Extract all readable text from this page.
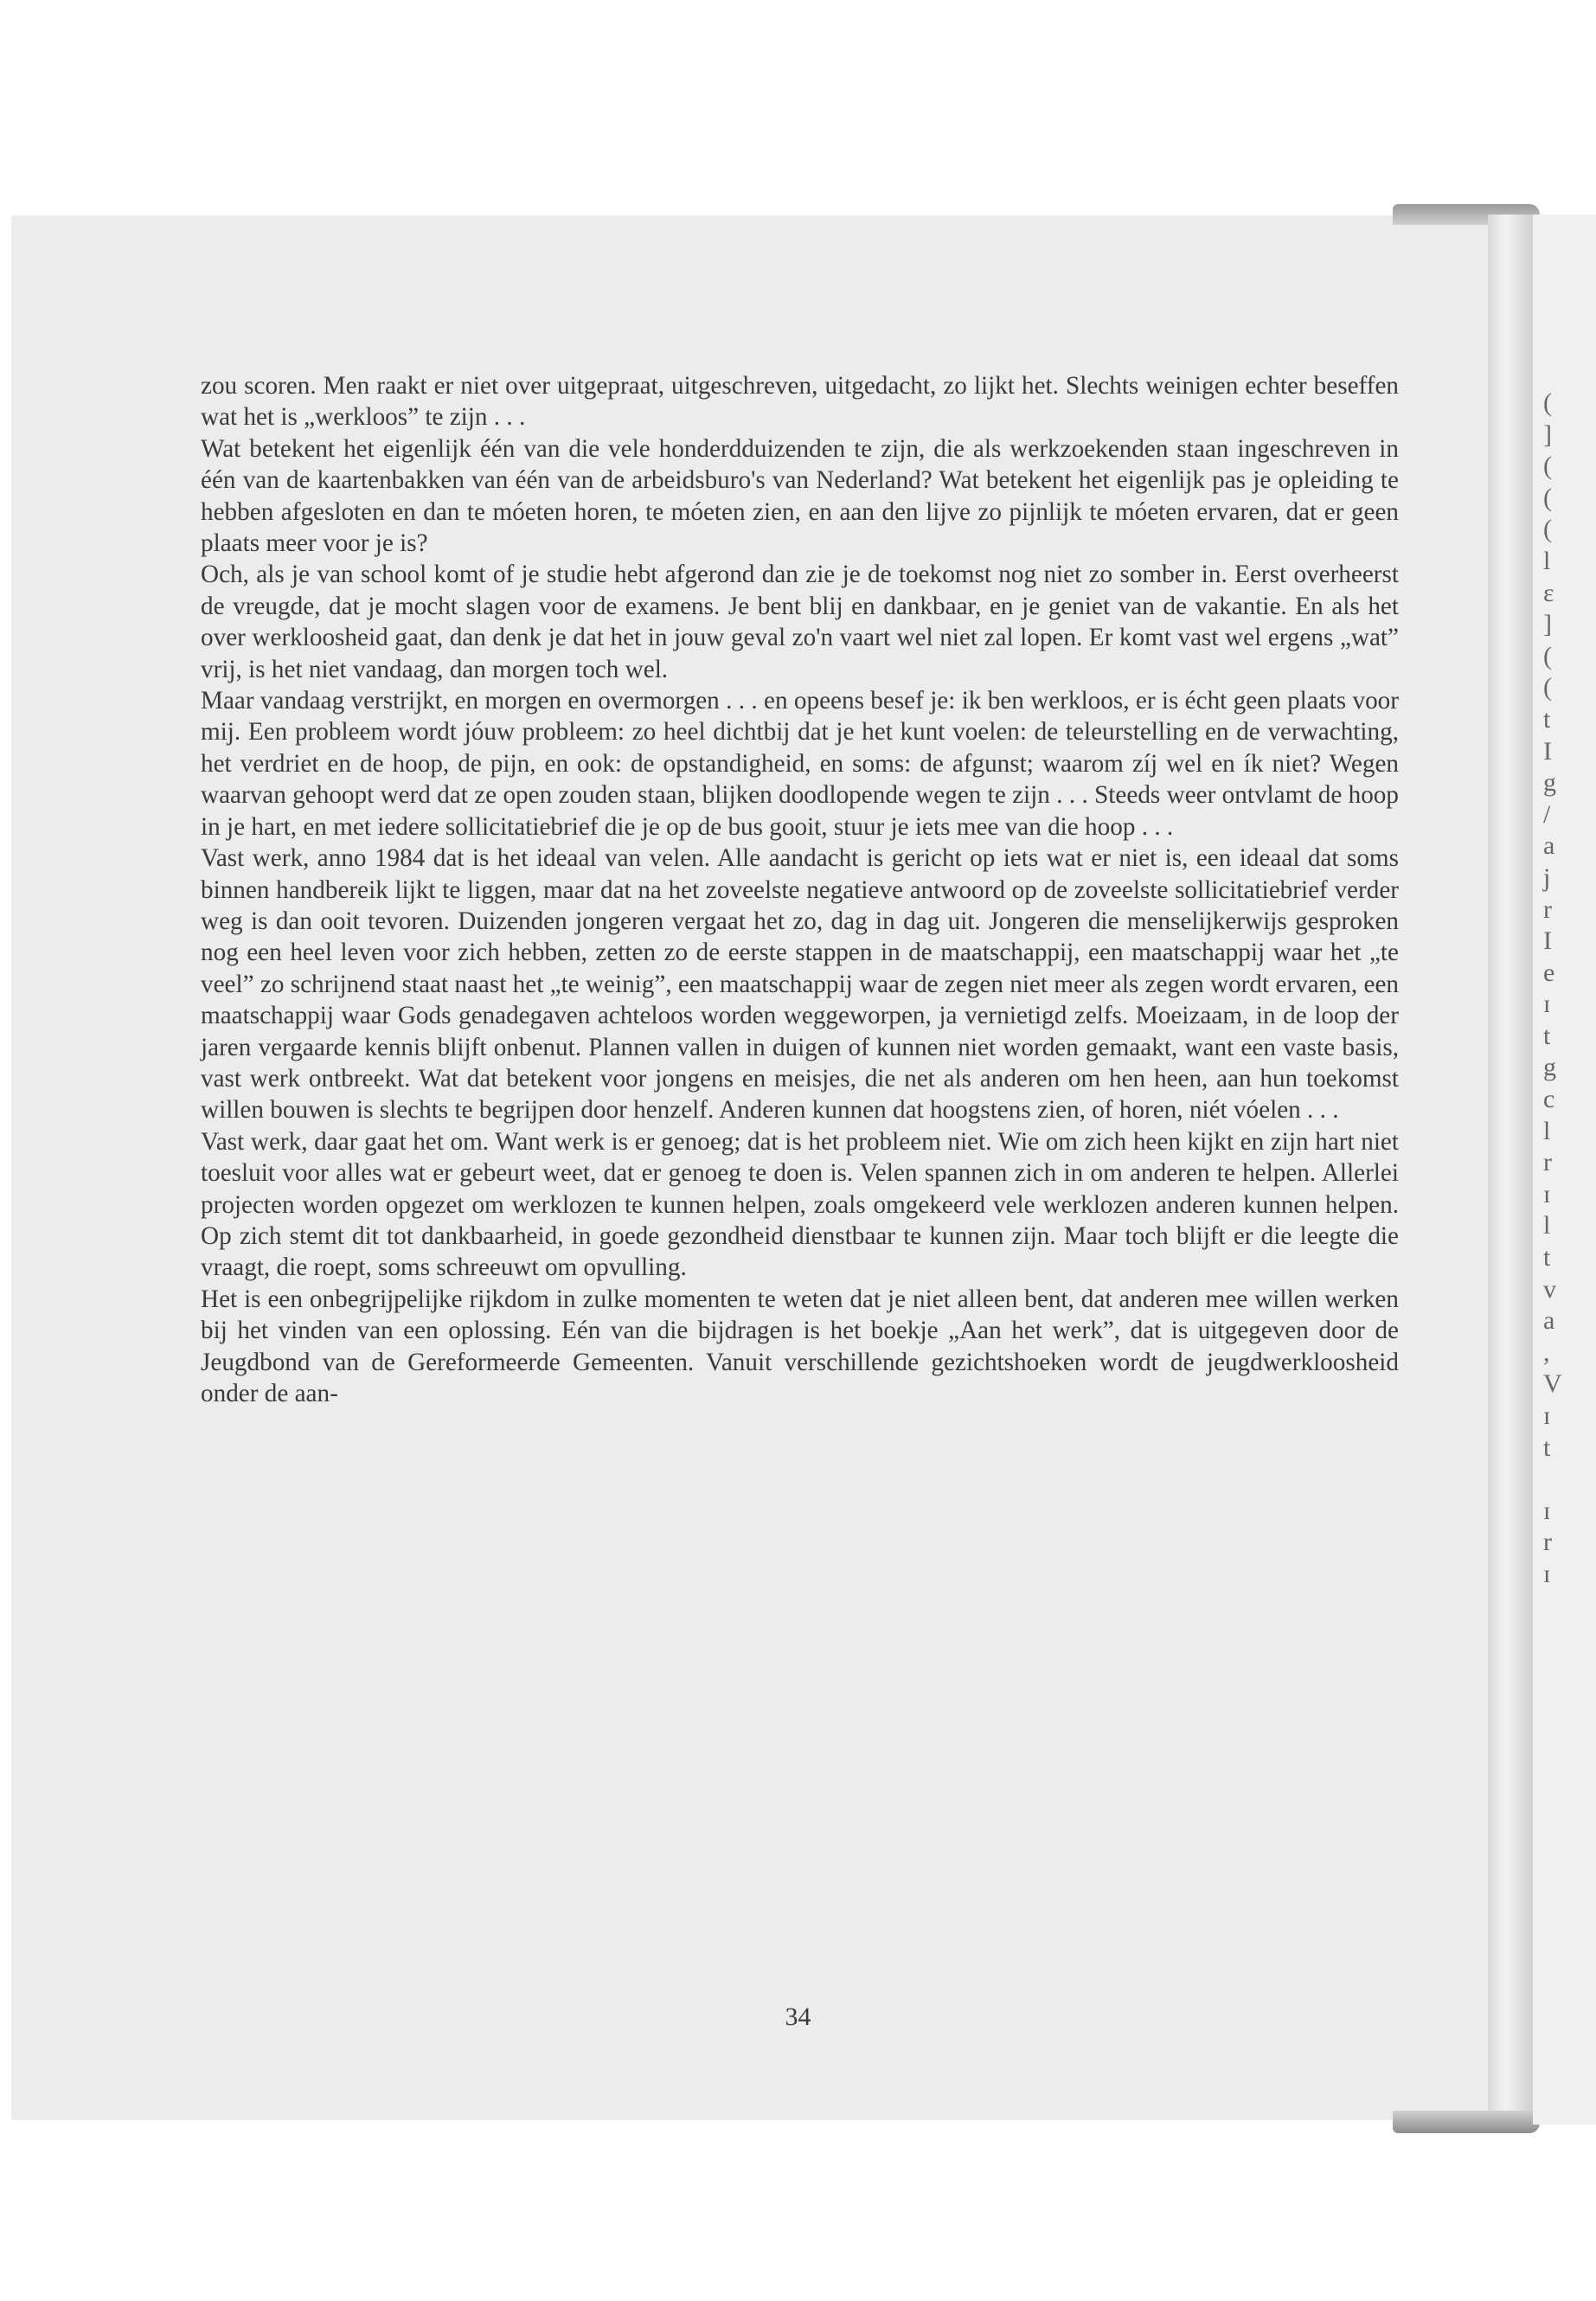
(
]
(
(
(
l
ɛ
]
(
(
t
I
g
/
a
j
r
I
e
ɪ
t
g
c
l
r
ɪ
l
t
v
a
,
V
ɪ
t
ɪ
r
ɪ

zou scoren. Men raakt er niet over uitgepraat, uitgeschreven, uitgedacht, zo lijkt het. Slechts weinigen echter beseffen wat het is „werkloos” te zijn . . .

Wat betekent het eigenlijk één van die vele honderdduizenden te zijn, die als werkzoekenden staan ingeschreven in één van de kaartenbakken van één van de arbeidsburo's van Nederland? Wat betekent het eigenlijk pas je opleiding te hebben afgesloten en dan te móeten horen, te móeten zien, en aan den lijve zo pijnlijk te móeten ervaren, dat er geen plaats meer voor je is?

Och, als je van school komt of je studie hebt afgerond dan zie je de toekomst nog niet zo somber in. Eerst overheerst de vreugde, dat je mocht slagen voor de examens. Je bent blij en dankbaar, en je geniet van de vakantie. En als het over werkloosheid gaat, dan denk je dat het in jouw geval zo'n vaart wel niet zal lopen. Er komt vast wel ergens „wat” vrij, is het niet vandaag, dan morgen toch wel.

Maar vandaag verstrijkt, en morgen en overmorgen . . . en opeens besef je: ik ben werkloos, er is écht geen plaats voor mij. Een probleem wordt jóuw probleem: zo heel dichtbij dat je het kunt voelen: de teleurstelling en de verwachting, het verdriet en de hoop, de pijn, en ook: de opstandigheid, en soms: de afgunst; waarom zíj wel en ík niet? Wegen waarvan gehoopt werd dat ze open zouden staan, blijken doodlopende wegen te zijn . . . Steeds weer ontvlamt de hoop in je hart, en met iedere sollicitatiebrief die je op de bus gooit, stuur je iets mee van die hoop . . .

Vast werk, anno 1984 dat is het ideaal van velen. Alle aandacht is gericht op iets wat er niet is, een ideaal dat soms binnen handbereik lijkt te liggen, maar dat na het zoveelste negatieve antwoord op de zoveelste sollicitatiebrief verder weg is dan ooit tevoren. Duizenden jongeren vergaat het zo, dag in dag uit. Jongeren die menselijkerwijs gesproken nog een heel leven voor zich hebben, zetten zo de eerste stappen in de maatschappij, een maatschappij waar het „te veel” zo schrijnend staat naast het „te weinig”, een maatschappij waar de zegen niet meer als zegen wordt ervaren, een maatschappij waar Gods genadegaven achteloos worden weggeworpen, ja vernietigd zelfs. Moeizaam, in de loop der jaren vergaarde kennis blijft onbenut. Plannen vallen in duigen of kunnen niet worden gemaakt, want een vaste basis, vast werk ontbreekt. Wat dat betekent voor jongens en meisjes, die net als anderen om hen heen, aan hun toekomst willen bouwen is slechts te begrijpen door henzelf. Anderen kunnen dat hoogstens zien, of horen, niét vóelen . . .

Vast werk, daar gaat het om. Want werk is er genoeg; dat is het probleem niet. Wie om zich heen kijkt en zijn hart niet toesluit voor alles wat er gebeurt weet, dat er genoeg te doen is. Velen spannen zich in om anderen te helpen. Allerlei projecten worden opgezet om werklozen te kunnen helpen, zoals omgekeerd vele werklozen anderen kunnen helpen. Op zich stemt dit tot dankbaarheid, in goede gezondheid dienstbaar te kunnen zijn. Maar toch blijft er die leegte die vraagt, die roept, soms schreeuwt om opvulling.

Het is een onbegrijpelijke rijkdom in zulke momenten te weten dat je niet alleen bent, dat anderen mee willen werken bij het vinden van een oplossing. Eén van die bijdragen is het boekje „Aan het werk”, dat is uitgegeven door de Jeugdbond van de Gereformeerde Gemeenten. Vanuit verschillende gezichtshoeken wordt de jeugdwerkloosheid onder de aan-

34
